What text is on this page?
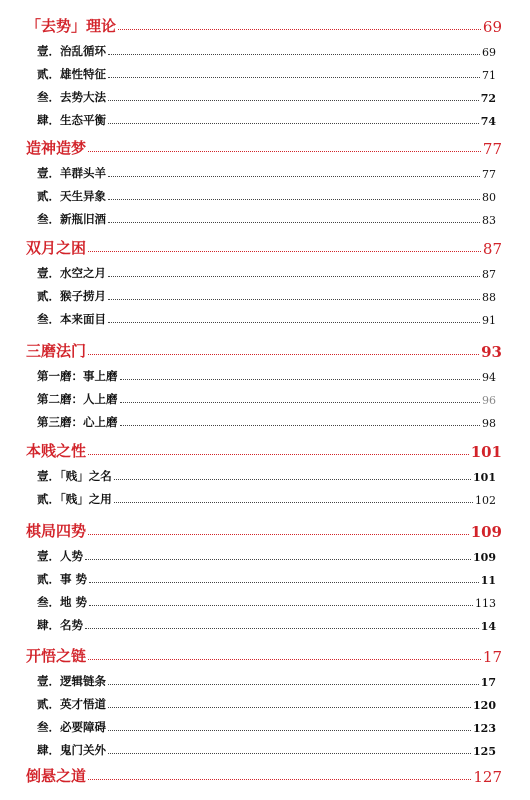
「去势」理论	69
壹．治乱循环	69
贰．雄性特征	71
叁．去势大法	72
肆．生态平衡	74
造神造梦	77
壹．羊群头羊	77
贰．天生异象	80
叁．新瓶旧酒	83
双月之困	87
壹．水空之月	87
贰．猴子捞月	88
叁．本来面目	91
三磨法门	93
第一磨：事上磨	94
第二磨：人上磨	96
第三磨：心上磨	98
本贱之性	101
壹．「贱」之名	101
贰．「贱」之用	102
棋局四势	109
壹．人势	109
贰．事 势	11
叁．地 势	113
肆．名势	14
开悟之链	17
壹．逻辑链条	17
贰．英才悟道	120
叁．必要障碍	123
肆．鬼门关外	125
倒悬之道	127
